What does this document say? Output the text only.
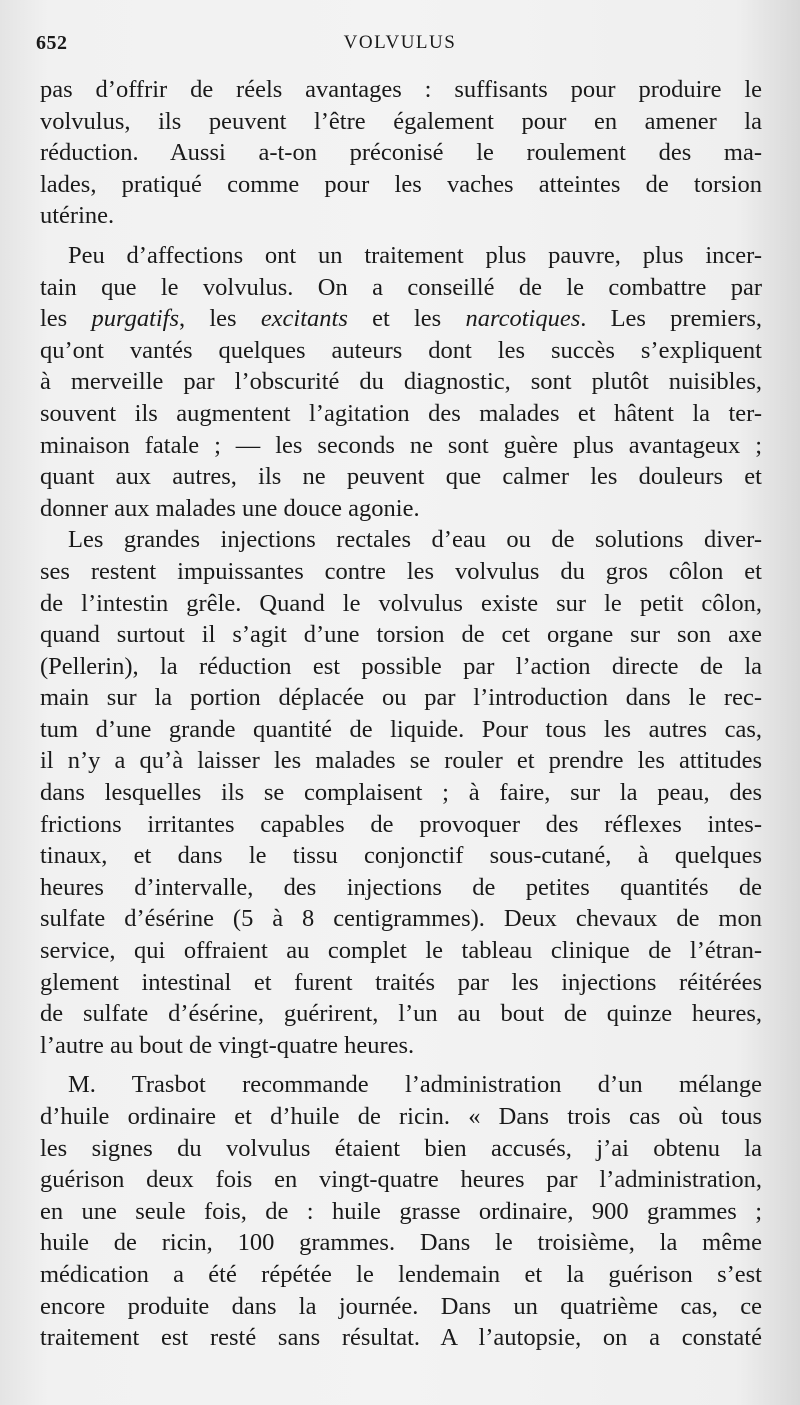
652	VOLVULUS
pas d’offrir de réels avantages : suffisants pour produire le
volvulus, ils peuvent l’être également pour en amener la
réduction. Aussi a-t-on préconisé le roulement des ma-
lades, pratiqué comme pour les vaches atteintes de torsion
utérine.
Peu d’affections ont un traitement plus pauvre, plus incer-
tain que le volvulus. On a conseillé de le combattre par
les purgatifs, les excitants et les narcotiques. Les premiers,
qu’ont vantés quelques auteurs dont les succès s’expliquent
à merveille par l’obscurité du diagnostic, sont plutôt nuisibles,
souvent ils augmentent l’agitation des malades et hâtent la ter-
minaison fatale ; — les seconds ne sont guère plus avantageux ;
quant aux autres, ils ne peuvent que calmer les douleurs et
donner aux malades une douce agonie.
Les grandes injections rectales d’eau ou de solutions diver-
ses restent impuissantes contre les volvulus du gros côlon et
de l’intestin grêle. Quand le volvulus existe sur le petit côlon,
quand surtout il s’agit d’une torsion de cet organe sur son axe
(Pellerin), la réduction est possible par l’action directe de la
main sur la portion déplacée ou par l’introduction dans le rec-
tum d’une grande quantité de liquide. Pour tous les autres cas,
il n’y a qu’à laisser les malades se rouler et prendre les attitudes
dans lesquelles ils se complaisent ; à faire, sur la peau, des
frictions irritantes capables de provoquer des réflexes intes-
tinaux, et dans le tissu conjonctif sous-cutané, à quelques
heures d’intervalle, des injections de petites quantités de
sulfate d’ésérine (5 à 8 centigrammes). Deux chevaux de mon
service, qui offraient au complet le tableau clinique de l’étran-
glement intestinal et furent traités par les injections réitérées
de sulfate d’ésérine, guérirent, l’un au bout de quinze heures,
l’autre au bout de vingt-quatre heures.
M. Trasbot recommande l’administration d’un mélange
d’huile ordinaire et d’huile de ricin. « Dans trois cas où tous
les signes du volvulus étaient bien accusés, j’ai obtenu la
guérison deux fois en vingt-quatre heures par l’administration,
en une seule fois, de : huile grasse ordinaire, 900 grammes ;
huile de ricin, 100 grammes. Dans le troisième, la même
médication a été répétée le lendemain et la guérison s’est
encore produite dans la journée. Dans un quatrième cas, ce
traitement est resté sans résultat. A l’autopsie, on a constaté
